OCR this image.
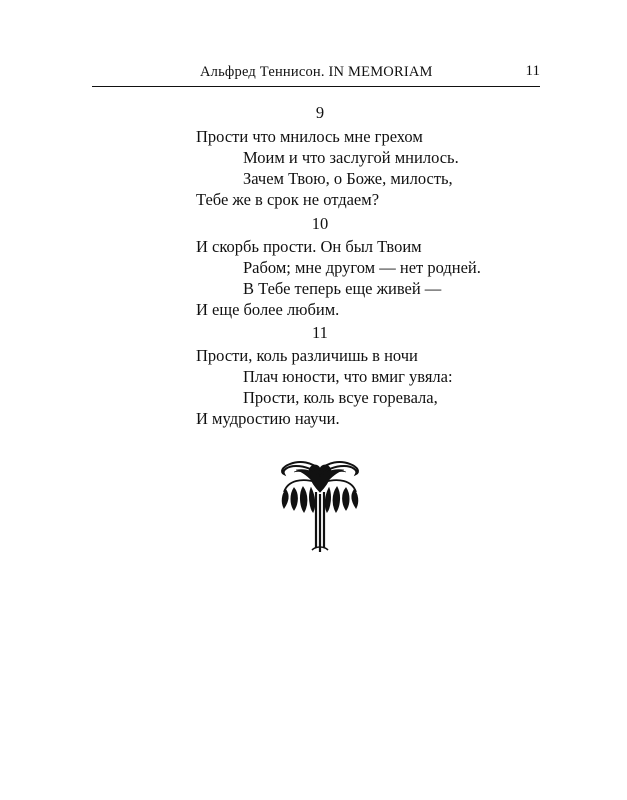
Альфред Теннисон. IN MEMORIAM	11
9
Прости что мнилось мне грехом
Моим и что заслугой мнилось.
Зачем Твою, о Боже, милость,
Тебе же в срок не отдаем?
10
И скорбь прости. Он был Твоим
Рабом; мне другом — нет родней.
В Тебе теперь еще живей —
И еще более любим.
11
Прости, коль различишь в ночи
Плач юности, что вмиг увяла:
Прости, коль всуе горевала,
И мудростию научи.
